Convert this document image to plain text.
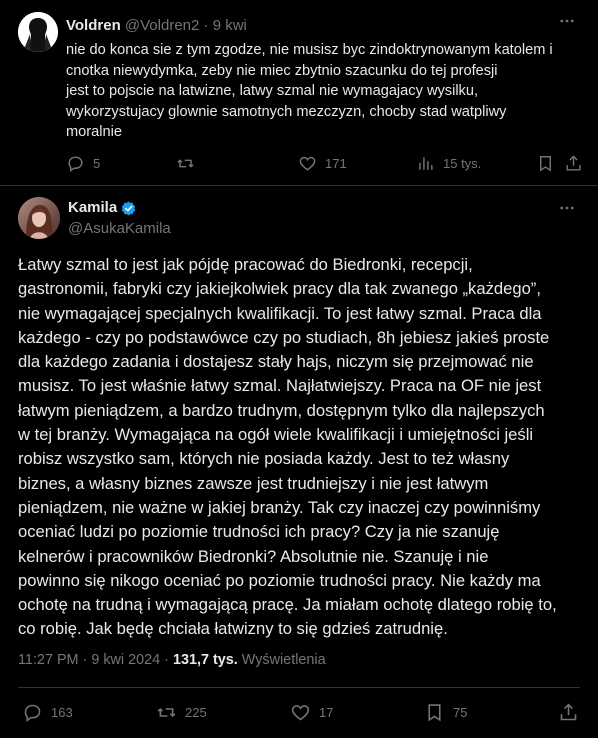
Voldren @Voldren2 · 9 kwi

nie do konca sie z tym zgodze, nie musisz byc zindoktrynowanym katolem i

cnotka niewydymka, zeby nie miec zbytnio szacunku do tej profesji

jest to pojscie na latwizne, latwy szmal nie wymagajacy wysilku,

wykorzystujacy glownie samotnych mezczyzn, chocby stad watpliwy

moralnie

5	171	15 tys.
Kamila
@AsukaKamila

Łatwy szmal to jest jak pójdę pracować do Biedronki, recepcji,

gastronomii, fabryki czy jakiejkolwiek pracy dla tak zwanego „każdego”,

nie wymagającej specjalnych kwalifikacji. To jest łatwy szmal. Praca dla

każdego - czy po podstawówce czy po studiach, 8h jebiesz jakieś proste

dla każdego zadania i dostajesz stały hajs, niczym się przejmować nie

musisz. To jest właśnie łatwy szmal. Najłatwiejszy. Praca na OF nie jest

łatwym pieniądzem, a bardzo trudnym, dostępnym tylko dla najlepszych

w tej branży. Wymagająca na ogół wiele kwalifikacji i umiejętności jeśli

robisz wszystko sam, których nie posiada każdy. Jest to też własny

biznes, a własny biznes zawsze jest trudniejszy i nie jest łatwym

pieniądzem, nie ważne w jakiej branży. Tak czy inaczej czy powinniśmy

oceniać ludzi po poziomie trudności ich pracy? Czy ja nie szanuję

kelnerów i pracowników Biedronki? Absolutnie nie. Szanuję i nie

powinno się nikogo oceniać po poziomie trudności pracy. Nie każdy ma

ochotę na trudną i wymagającą pracę. Ja miałam ochotę dlatego robię to,

co robię. Jak będę chciała łatwizny to się gdzieś zatrudnię.

11:27 PM · 9 kwi 2024 · 131,7 tys. Wyświetlenia
163	225	17	75
